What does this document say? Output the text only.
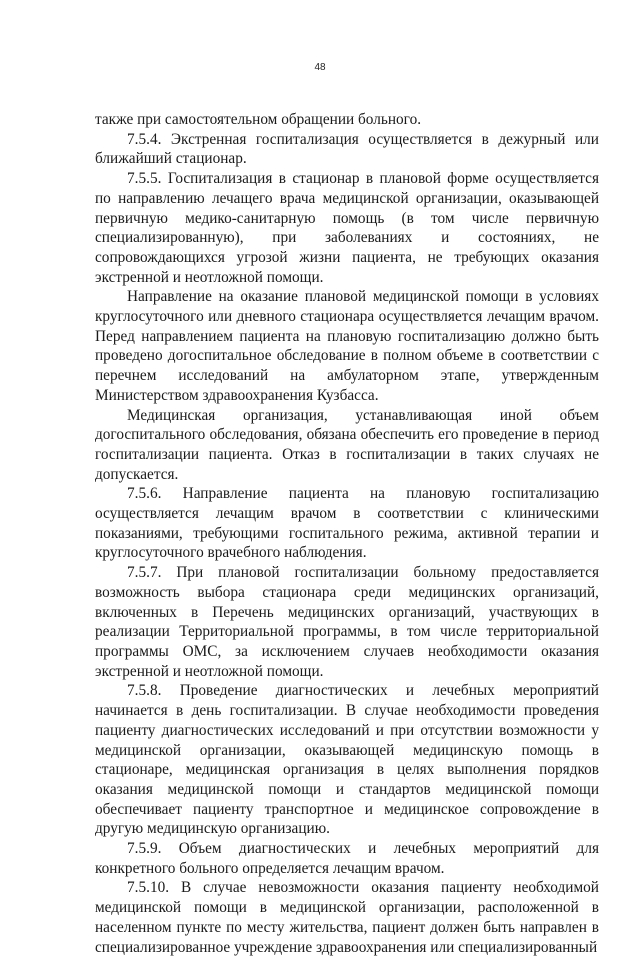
48

также при самостоятельном обращении больного.

7.5.4. Экстренная госпитализация осуществляется в дежурный или ближайший стационар.

7.5.5. Госпитализация в стационар в плановой форме осуществляется по направлению лечащего врача медицинской организации, оказывающей первичную медико-санитарную помощь (в том числе первичную специализированную), при заболеваниях и состояниях, не сопровождающихся угрозой жизни пациента, не требующих оказания экстренной и неотложной помощи.

Направление на оказание плановой медицинской помощи в условиях круглосуточного или дневного стационара осуществляется лечащим врачом. Перед направлением пациента на плановую госпитализацию должно быть проведено догоспитальное обследование в полном объеме в соответствии с перечнем исследований на амбулаторном этапе, утвержденным Министерством здравоохранения Кузбасса.

Медицинская организация, устанавливающая иной объем догоспитального обследования, обязана обеспечить его проведение в период госпитализации пациента. Отказ в госпитализации в таких случаях не допускается.

7.5.6. Направление пациента на плановую госпитализацию осуществляется лечащим врачом в соответствии с клиническими показаниями, требующими госпитального режима, активной терапии и круглосуточного врачебного наблюдения.

7.5.7. При плановой госпитализации больному предоставляется возможность выбора стационара среди медицинских организаций, включенных в Перечень медицинских организаций, участвующих в реализации Территориальной программы, в том числе территориальной программы ОМС, за исключением случаев необходимости оказания экстренной и неотложной помощи.

7.5.8. Проведение диагностических и лечебных мероприятий начинается в день госпитализации. В случае необходимости проведения пациенту диагностических исследований и при отсутствии возможности у медицинской организации, оказывающей медицинскую помощь в стационаре, медицинская организация в целях выполнения порядков оказания медицинской помощи и стандартов медицинской помощи обеспечивает пациенту транспортное и медицинское сопровождение в другую медицинскую организацию.

7.5.9. Объем диагностических и лечебных мероприятий для конкретного больного определяется лечащим врачом.

7.5.10. В случае невозможности оказания пациенту необходимой медицинской помощи в медицинской организации, расположенной в населенном пункте по месту жительства, пациент должен быть направлен в специализированное учреждение здравоохранения или специализированный
